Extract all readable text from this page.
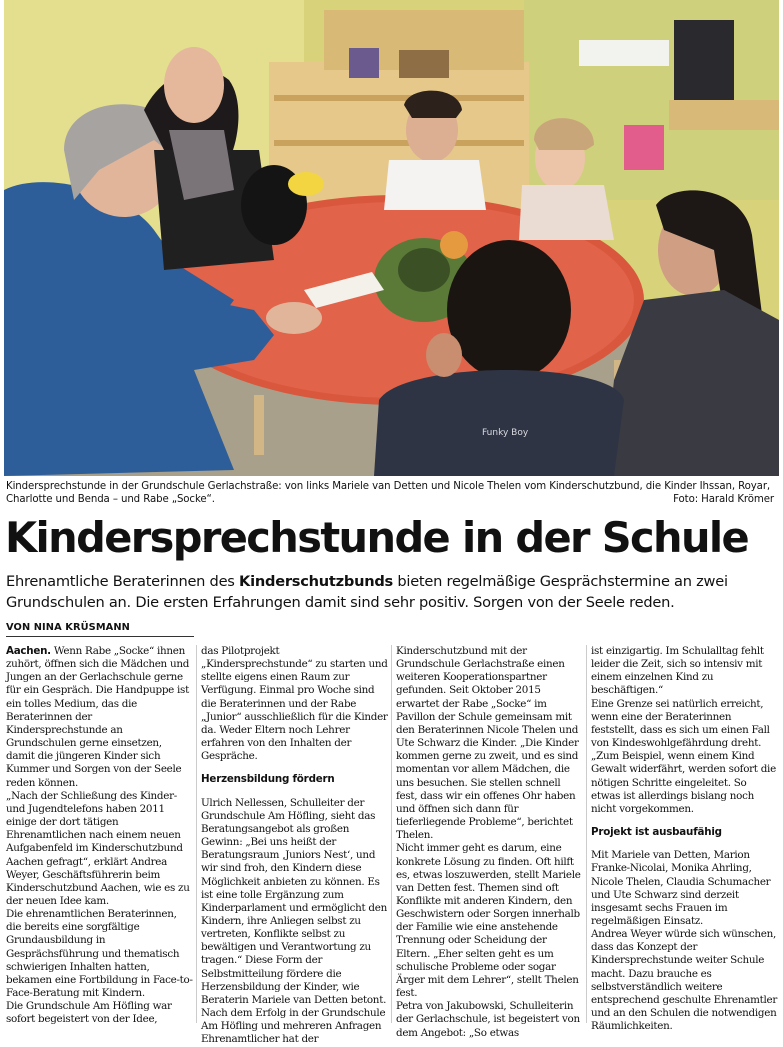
Funky Boy
Kindersprechstunde in der Grundschule Gerlachstraße: von links Mariele van Detten und Nicole Thelen vom Kinderschutzbund, die Kinder Ihssan, Royar, Charlotte und Benda – und Rabe „Socke“.	Foto: Harald Krömer
Kindersprechstunde in der Schule
Ehrenamtliche Beraterinnen des Kinderschutzbunds bieten regelmäßige Gesprächstermine an zwei Grundschulen an. Die ersten Erfahrungen damit sind sehr positiv. Sorgen von der Seele reden.
VON NINA KRÜSMANN

Aachen. Wenn Rabe „Socke“ ihnen zuhört, öffnen sich die Mädchen und Jungen an der Gerlachschule gerne für ein Gespräch. Die Handpuppe ist ein tolles Medium, das die Beraterinnen der Kindersprechstunde an Grundschulen gerne einsetzen, damit die jüngeren Kinder sich Kummer und Sorgen von der Seele reden können.
„Nach der Schließung des Kinder- und Jugendtelefons haben 2011 einige der dort tätigen Ehrenamtlichen nach einem neuen Aufgabenfeld im Kinderschutzbund Aachen gefragt“, erklärt Andrea Weyer, Geschäftsführerin beim Kinderschutzbund Aachen, wie es zu der neuen Idee kam.
Die ehrenamtlichen Beraterinnen, die bereits eine sorgfältige Grundausbildung in Gesprächsführung und thematisch schwierigen Inhalten hatten, bekamen eine Fortbildung in Face-to-Face-Beratung mit Kindern.
Die Grundschule Am Höfling war sofort begeistert von der Idee,

das Pilotprojekt „Kindersprechstunde“ zu starten und stellte eigens einen Raum zur Verfügung. Einmal pro Woche sind die Beraterinnen und der Rabe „Junior“ ausschließlich für die Kinder da. Weder Eltern noch Lehrer erfahren von den Inhalten der Gespräche.

Herzensbildung fördern

Ulrich Nellessen, Schulleiter der Grundschule Am Höfling, sieht das Beratungsangebot als großen Gewinn: „Bei uns heißt der Beratungsraum ‚Juniors Nest‘, und wir sind froh, den Kindern diese Möglichkeit anbieten zu können. Es ist eine tolle Ergänzung zum Kinderparlament und ermöglicht den Kindern, ihre Anliegen selbst zu vertreten, Konflikte selbst zu bewältigen und Verantwortung zu tragen.“ Diese Form der Selbstmitteilung fördere die Herzensbildung der Kinder, wie Beraterin Mariele van Detten betont.
Nach dem Erfolg in der Grundschule Am Höfling und mehreren Anfragen Ehrenamtlicher hat der

Kinderschutzbund mit der Grundschule Gerlachstraße einen weiteren Kooperationspartner gefunden. Seit Oktober 2015 erwartet der Rabe „Socke“ im Pavillon der Schule gemeinsam mit den Beraterinnen Nicole Thelen und Ute Schwarz die Kinder. „Die Kinder kommen gerne zu zweit, und es sind momentan vor allem Mädchen, die uns besuchen. Sie stellen schnell fest, dass wir ein offenes Ohr haben und öffnen sich dann für tieferliegende Probleme“, berichtet Thelen.
Nicht immer geht es darum, eine konkrete Lösung zu finden. Oft hilft es, etwas loszuwerden, stellt Mariele van Detten fest. Themen sind oft Konflikte mit anderen Kindern, den Geschwistern oder Sorgen innerhalb der Familie wie eine anstehende Trennung oder Scheidung der Eltern. „Eher selten geht es um schulische Probleme oder sogar Ärger mit dem Lehrer“, stellt Thelen fest.
Petra von Jakubowski, Schulleiterin der Gerlachschule, ist begeistert von dem Angebot: „So etwas

ist einzigartig. Im Schulalltag fehlt leider die Zeit, sich so intensiv mit einem einzelnen Kind zu beschäftigen.“
Eine Grenze sei natürlich erreicht, wenn eine der Beraterinnen feststellt, dass es sich um einen Fall von Kindeswohlgefährdung dreht. „Zum Beispiel, wenn einem Kind Gewalt widerfährt, werden sofort die nötigen Schritte eingeleitet. So etwas ist allerdings bislang noch nicht vorgekommen.

Projekt ist ausbaufähig

Mit Mariele van Detten, Marion Franke-Nicolai, Monika Ahrling, Nicole Thelen, Claudia Schumacher und Ute Schwarz sind derzeit insgesamt sechs Frauen im regelmäßigen Einsatz.
Andrea Weyer würde sich wünschen, dass das Konzept der Kindersprechstunde weiter Schule macht. Dazu brauche es selbstverständlich weitere entsprechend geschulte Ehrenamtler und an den Schulen die notwendigen Räumlichkeiten.
